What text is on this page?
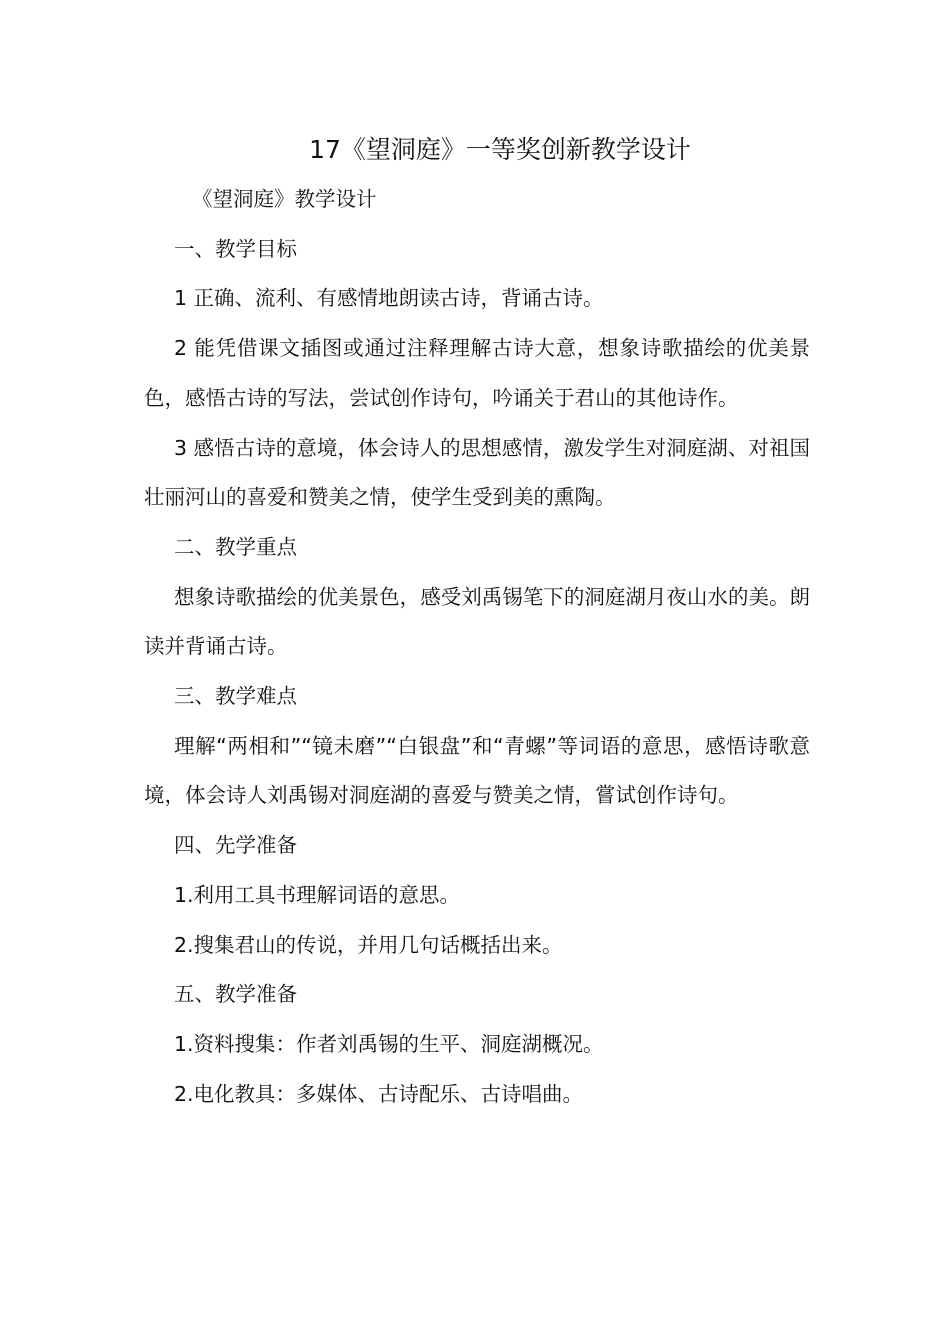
17《望洞庭》一等奖创新教学设计

《望洞庭》教学设计

一、教学目标

1 正确、流利、有感情地朗读古诗，背诵古诗。

2 能凭借课文插图或通过注释理解古诗大意，想象诗歌描绘的优美景色，感悟古诗的写法，尝试创作诗句，吟诵关于君山的其他诗作。

3 感悟古诗的意境，体会诗人的思想感情，激发学生对洞庭湖、对祖国壮丽河山的喜爱和赞美之情，使学生受到美的熏陶。

二、教学重点

想象诗歌描绘的优美景色，感受刘禹锡笔下的洞庭湖月夜山水的美。朗读并背诵古诗。

三、教学难点

理解“两相和”“镜未磨”“白银盘”和“青螺”等词语的意思，感悟诗歌意境，体会诗人刘禹锡对洞庭湖的喜爱与赞美之情，嘗试创作诗句。

四、先学准备

1.利用工具书理解词语的意思。

2.搜集君山的传说，并用几句话概括出来。

五、教学准备

1.资料搜集：作者刘禹锡的生平、洞庭湖概况。

2.电化教具：多媒体、古诗配乐、古诗唱曲。
